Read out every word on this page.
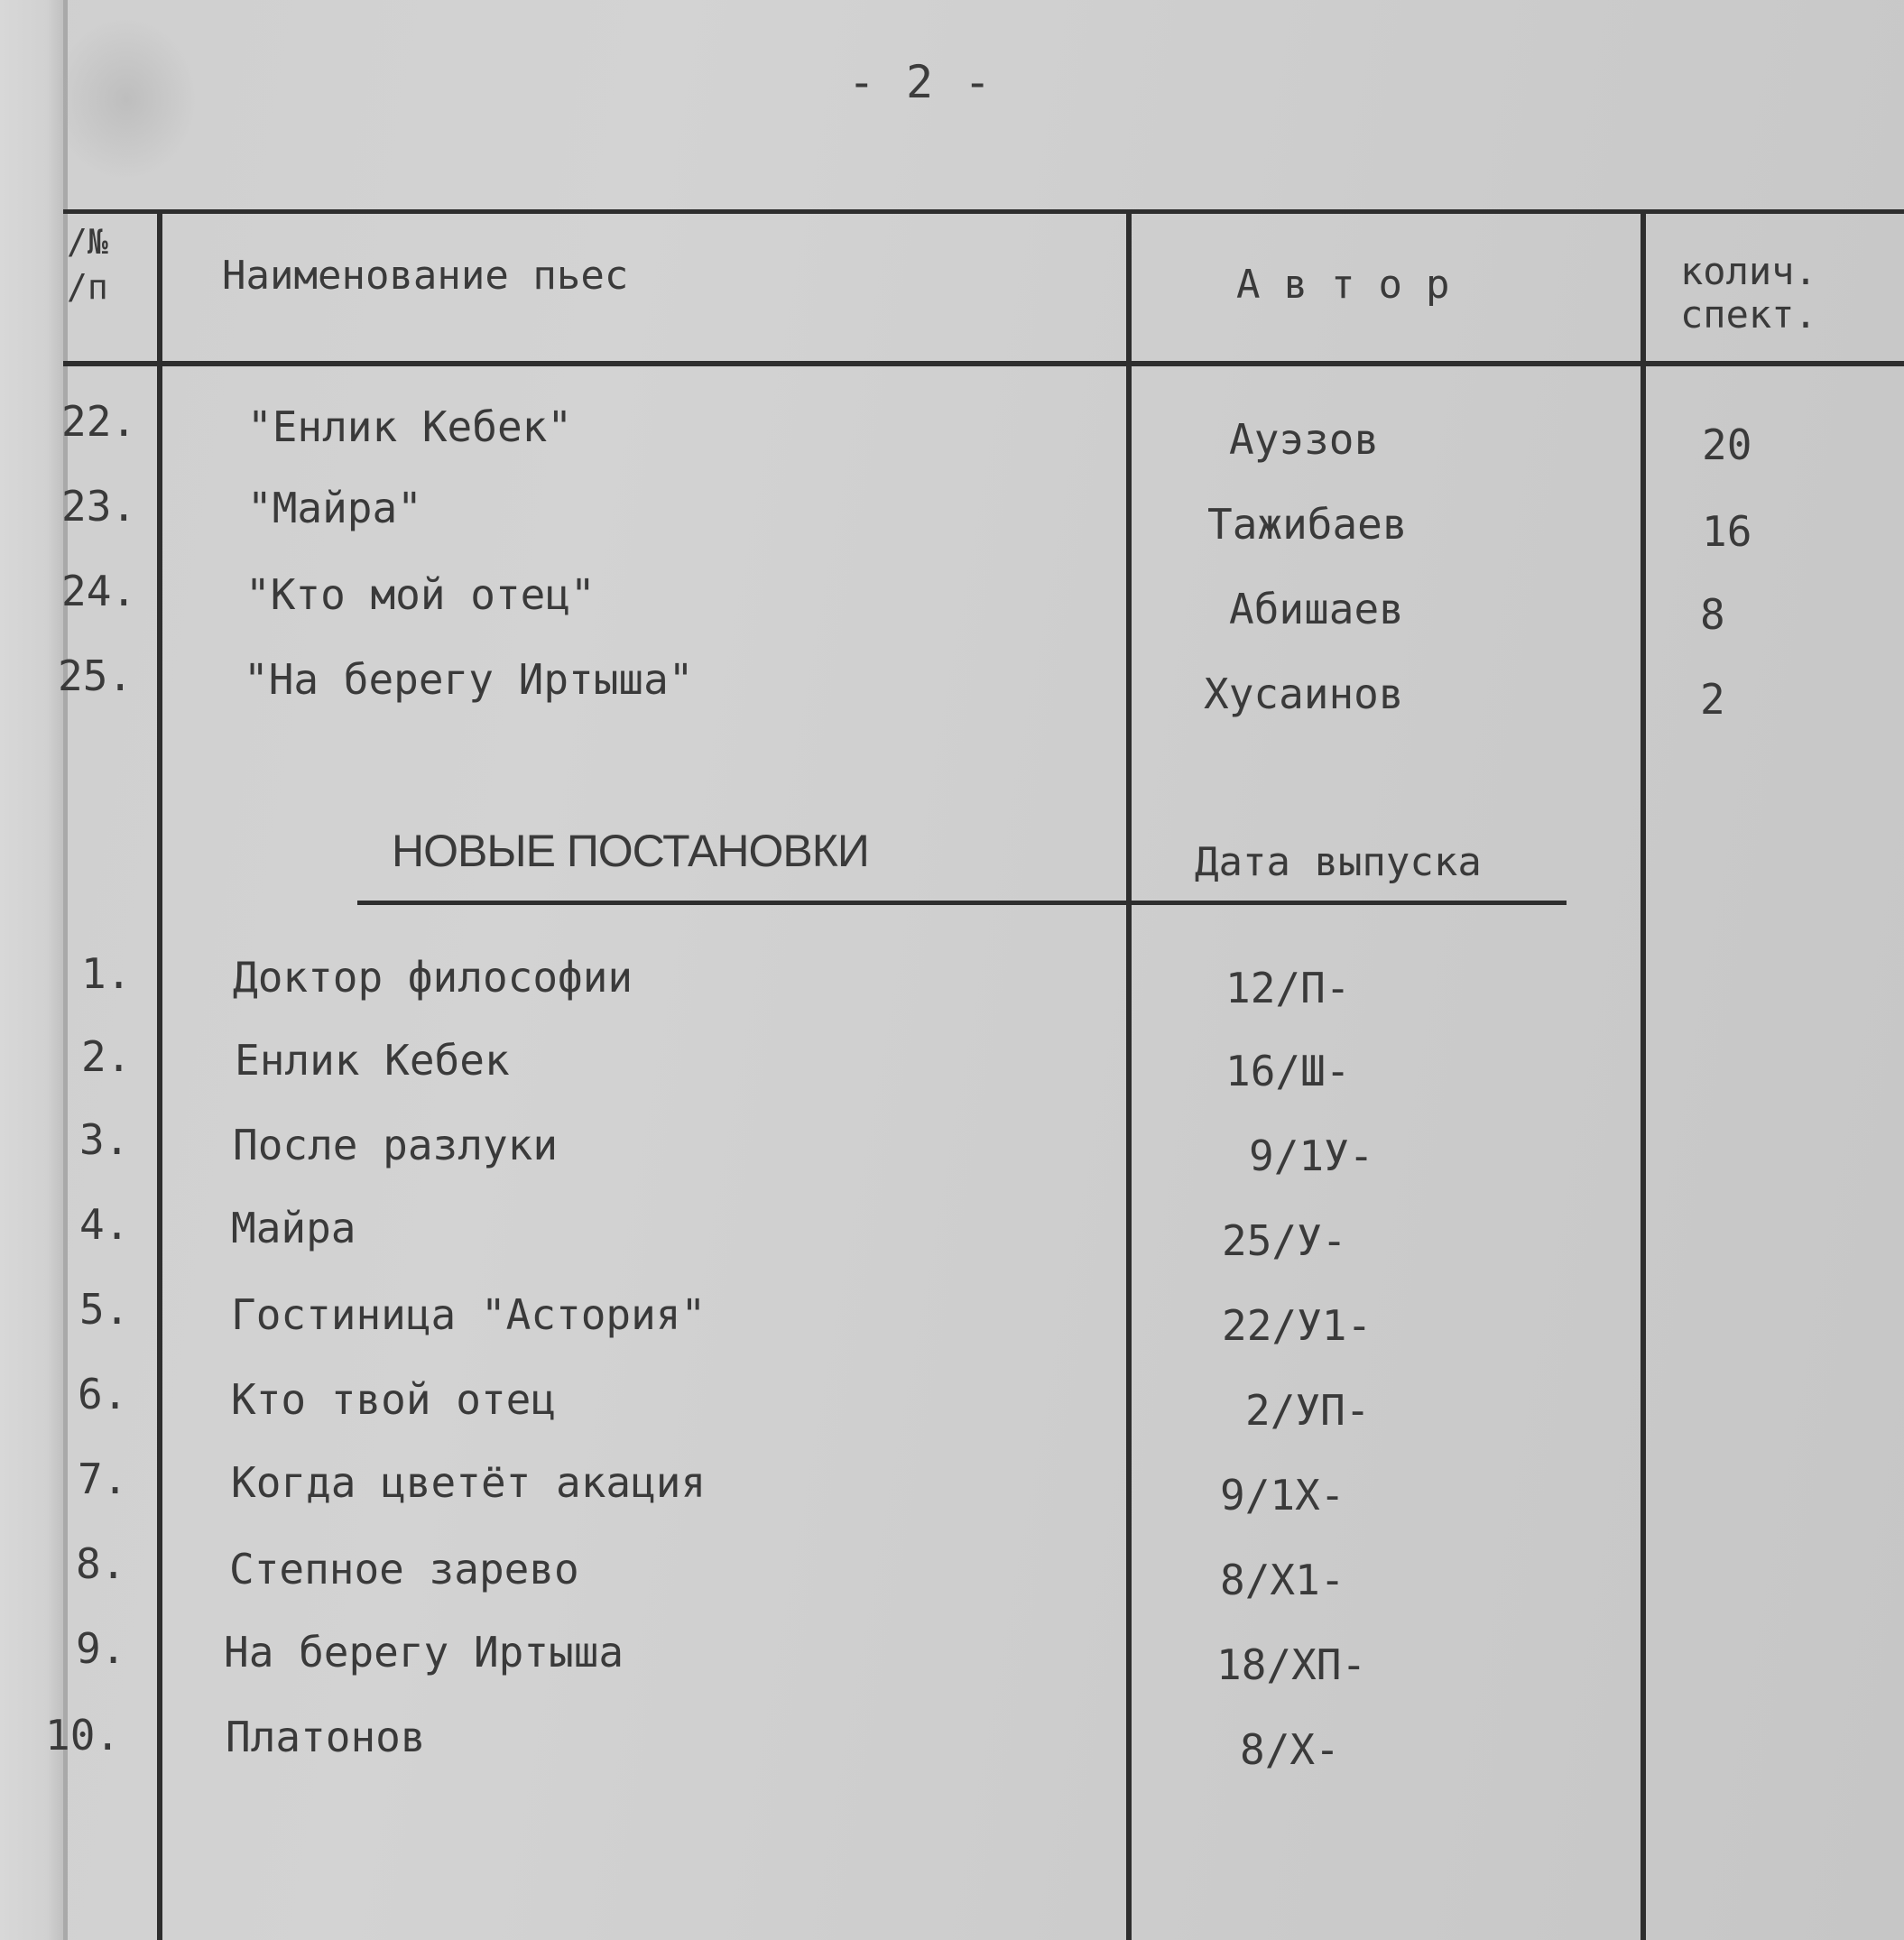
- 2 -
/№
/п	Наименование пьес	Автор	колич.
спект.
22.	"Енлик Кебек"	Ауэзов	20
23.	"Майра"	Тажибаев	16
24.	"Кто мой отец"	Абишаев	8
25.	"На берегу Иртыша"	Хусаинов	2
НОВЫЕ ПОСТАНОВКИ	Дата выпуска
1. Доктор философии	12/П-
2. Енлик Кебек	16/Ш-
3. После разлуки	9/1У-
4. Майра	25/У-
5. Гостиница "Астория"	22/У1-
6. Кто твой отец	2/УП-
7. Когда цветёт акация	9/1Х-
8. Степное зарево	8/Х1-
9. На берегу Иртыша	18/ХП-
10.	Платонов	8/Х-
